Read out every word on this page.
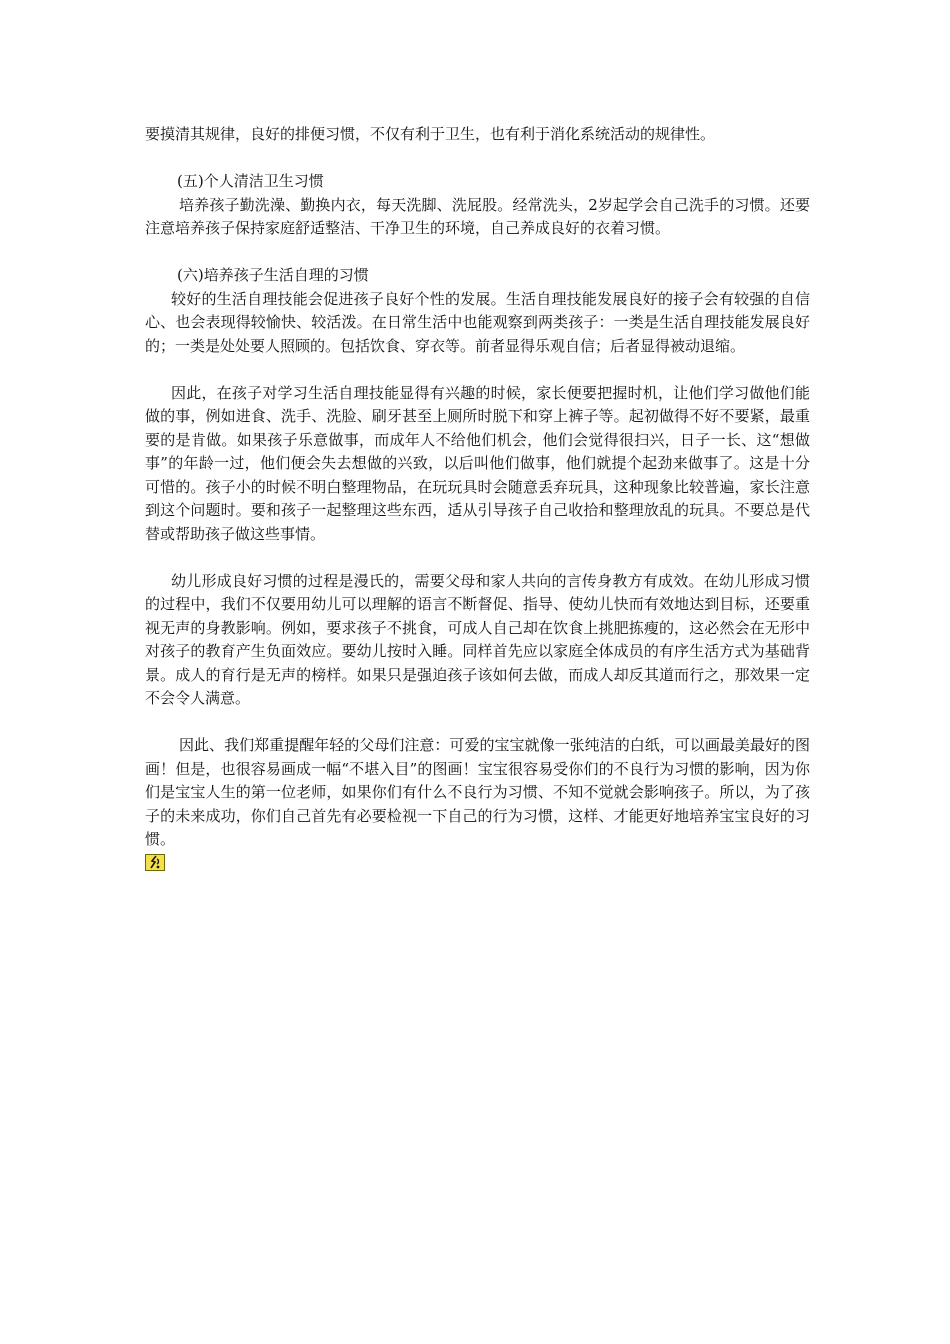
要摸清其规律，良好的排便习惯，不仅有利于卫生，也有利于消化系统活动的规律性。

(五)个人清洁卫生习惯

培养孩子勤洗澡、勤换内衣，每天洗脚、洗屁股。经常洗头，2岁起学会自己洗手的习惯。还要注意培养孩子保持家庭舒适整洁、干净卫生的环境，自己养成良好的衣着习惯。

(六)培养孩子生活自理的习惯

较好的生活自理技能会促进孩子良好个性的发展。生活自理技能发展良好的接子会有较强的自信心、也会表现得较愉快、较活泼。在日常生活中也能观察到两类孩子：一类是生活自理技能发展良好的；一类是处处要人照顾的。包括饮食、穿衣等。前者显得乐观自信；后者显得被动退缩。

因此，在孩子对学习生活自理技能显得有兴趣的时候，家长便要把握时机，让他们学习做他们能做的事，例如进食、洗手、洗脸、刷牙甚至上厕所时脱下和穿上裤子等。起初做得不好不要紧，最重要的是肯做。如果孩子乐意做事，而成年人不给他们机会，他们会觉得很扫兴，日子一长、这“想做事”的年龄一过，他们便会失去想做的兴致，以后叫他们做事，他们就提个起劲来做事了。这是十分可惜的。孩子小的时候不明白整理物品，在玩玩具时会随意丢弃玩具，这种现象比较普遍，家长注意到这个问题时。要和孩子一起整理这些东西，适从引导孩子自己收拾和整理放乱的玩具。不要总是代替或帮助孩子做这些事情。

幼儿形成良好习惯的过程是漫氏的，需要父母和家人共向的言传身教方有成效。在幼儿形成习惯的过程中，我们不仅要用幼儿可以理解的语言不断督促、指导、使幼儿快而有效地达到目标，还要重视无声的身教影响。例如，要求孩子不挑食，可成人自己却在饮食上挑肥拣瘦的，这必然会在无形中对孩子的教育产生负面效应。要幼儿按时入睡。同样首先应以家庭全体成员的有序生活方式为基础背景。成人的育行是无声的榜样。如果只是强迫孩子该如何去做，而成人却反其道而行之，那效果一定不会令人满意。

因此、我们郑重提醒年轻的父母们注意：可爱的宝宝就像一张纯洁的白纸，可以画最美最好的图画！但是，也很容易画成一幅“不堪入目”的图画！宝宝很容易受你们的不良行为习惯的影响，因为你们是宝宝人生的第一位老师，如果你们有什么不良行为习惯、不知不觉就会影响孩子。所以，为了孩子的未来成功，你们自己首先有必要检视一下自己的行为习惯，这样、才能更好地培养宝宝良好的习惯。
